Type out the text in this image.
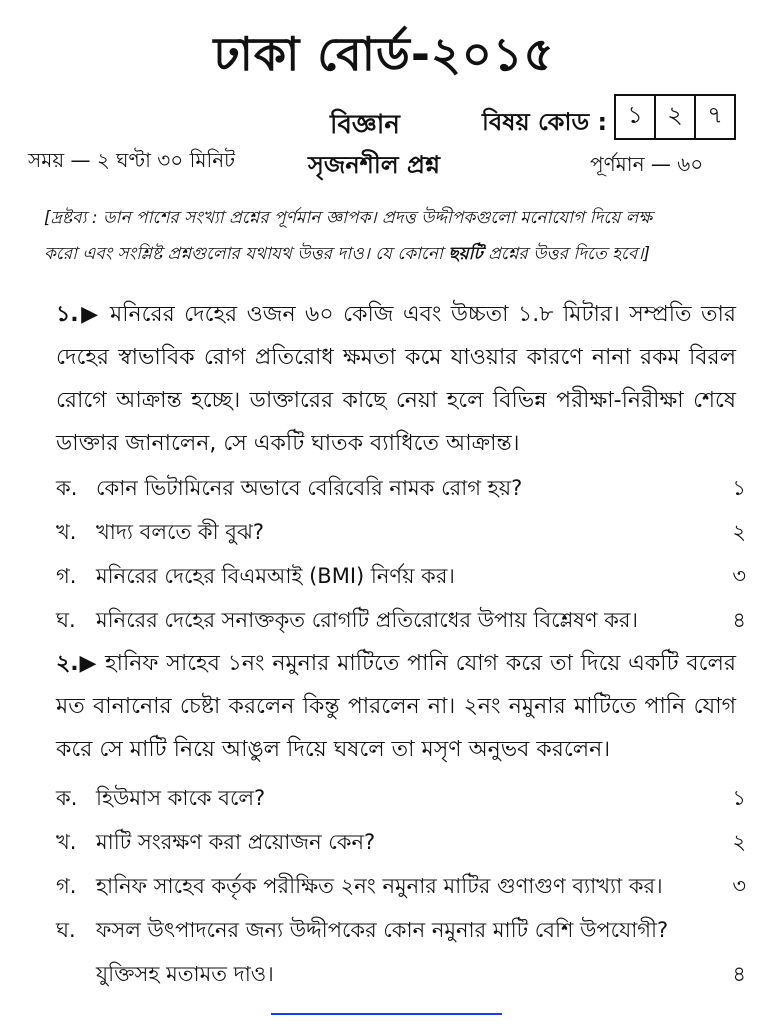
ঢাকা বোর্ড-২০১৫
বিজ্ঞান
সৃজনশীল প্রশ্ন
সময় — ২ ঘণ্টা ৩০ মিনিট	পূর্ণমান — ৬০
বিষয় কোড : ১	২	৭
[দ্রষ্টব্য : ডান পাশের সংখ্যা প্রশ্নের পূর্ণমান জ্ঞাপক। প্রদত্ত উদ্দীপকগুলো মনোযোগ দিয়ে লক্ষ
করো এবং সংশ্লিষ্ট প্রশ্নগুলোর যথাযথ উত্তর দাও। যে কোনো ছয়টি প্রশ্নের উত্তর দিতে হবে।]
১.▶ মনিরের দেহের ওজন ৬০ কেজি এবং উচ্চতা ১.৮ মিটার। সম্প্রতি তার দেহের স্বাভাবিক রোগ প্রতিরোধ ক্ষমতা কমে যাওয়ার কারণে নানা রকম বিরল রোগে আক্রান্ত হচ্ছে। ডাক্তারের কাছে নেয়া হলে বিভিন্ন পরীক্ষা-নিরীক্ষা শেষে ডাক্তার জানালেন, সে একটি ঘাতক ব্যাধিতে আক্রান্ত।
ক. কোন ভিটামিনের অভাবে বেরিবেরি নামক রোগ হয়?	১
খ. খাদ্য বলতে কী বুঝ?	২
গ. মনিরের দেহের বিএমআই (BMI) নির্ণয় কর।	৩
ঘ. মনিরের দেহের সনাক্তকৃত রোগটি প্রতিরোধের উপায় বিশ্লেষণ কর।	৪
২.▶ হানিফ সাহেব ১নং নমুনার মাটিতে পানি যোগ করে তা দিয়ে একটি বলের মত বানানোর চেষ্টা করলেন কিন্তু পারলেন না। ২নং নমুনার মাটিতে পানি যোগ করে সে মাটি নিয়ে আঙুল দিয়ে ঘষলে তা মসৃণ অনুভব করলেন।
ক. হিউমাস কাকে বলে?	১
খ. মাটি সংরক্ষণ করা প্রয়োজন কেন?	২
গ. হানিফ সাহেব কর্তৃক পরীক্ষিত ২নং নমুনার মাটির গুণাগুণ ব্যাখ্যা কর।	৩
ঘ. ফসল উৎপাদনের জন্য উদ্দীপকের কোন নমুনার মাটি বেশি উপযোগী?
যুক্তিসহ মতামত দাও।	৪
